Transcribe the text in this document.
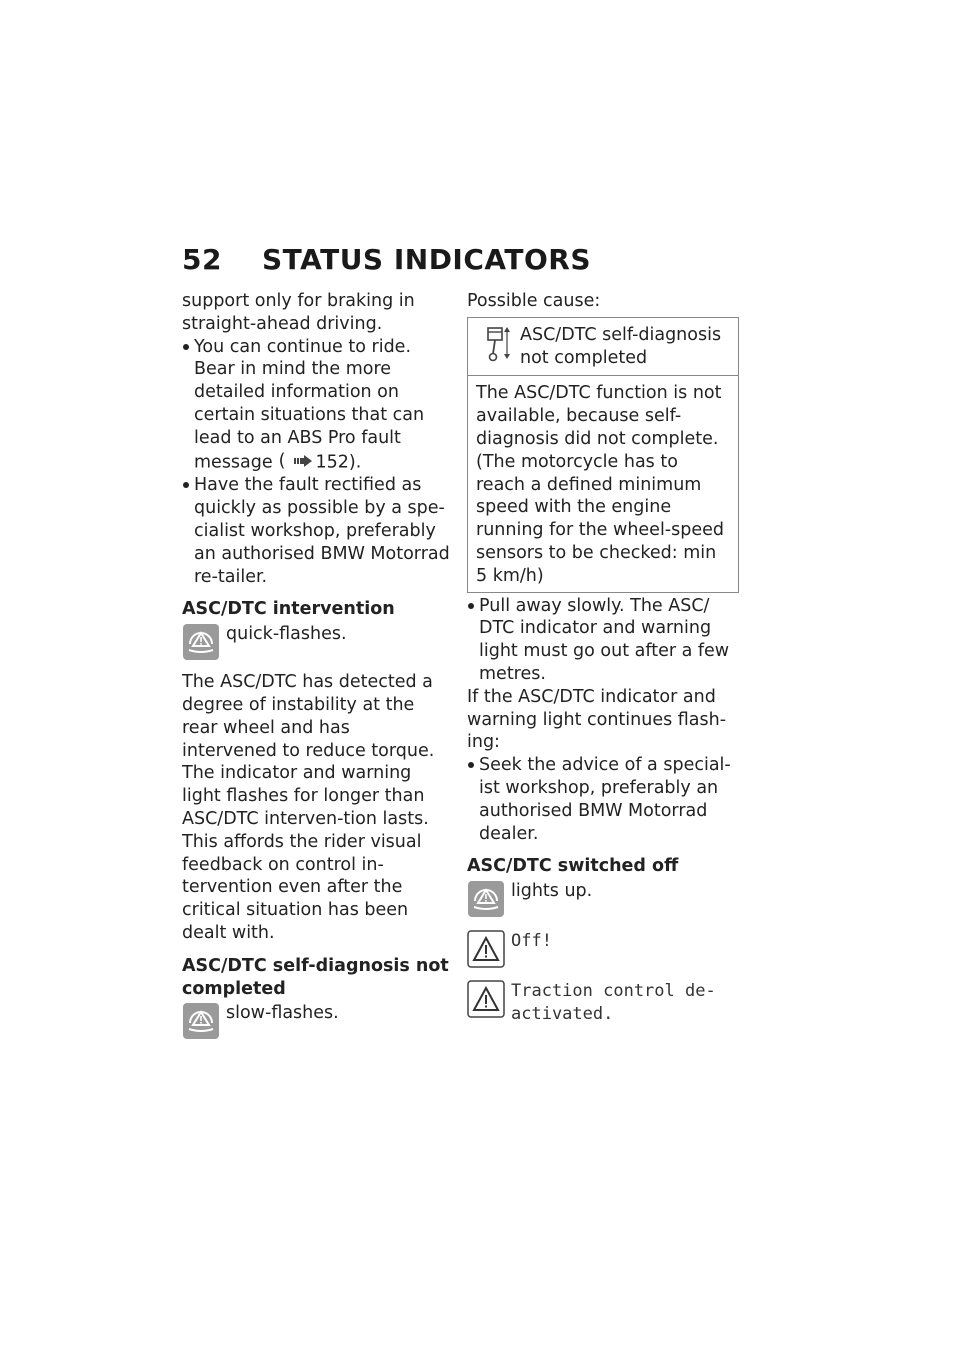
52 STATUS INDICATORS

support only for braking in straight-ahead driving.

You can continue to ride. Bear in mind the more detailed information on certain situations that can lead to an ABS Pro fault message ( 152).
Have the fault rectified as quickly as possible by a spe-cialist workshop, preferably an authorised BMW Motorrad re-tailer.

ASC/DTC intervention

quick-flashes.

The ASC/DTC has detected a degree of instability at the rear wheel and has intervened to reduce torque. The indicator and warning light flashes for longer than ASC/DTC interven-tion lasts. This affords the rider visual feedback on control in-tervention even after the critical situation has been dealt with.

ASC/DTC self-diagnosis not completed

slow-flashes.

Possible cause:

ASC/DTC self-diagnosis not completed
The ASC/DTC function is not available, because self-diagnosis did not complete. (The motorcycle has to reach a defined minimum speed with the engine running for the wheel-speed sensors to be checked: min 5 km/h)
Pull away slowly. The ASC/ DTC indicator and warning light must go out after a few metres.

If the ASC/DTC indicator and warning light continues flash-ing:

Seek the advice of a special-ist workshop, preferably an authorised BMW Motorrad dealer.

ASC/DTC switched off

lights up.
Off!
Traction control de-activated.
